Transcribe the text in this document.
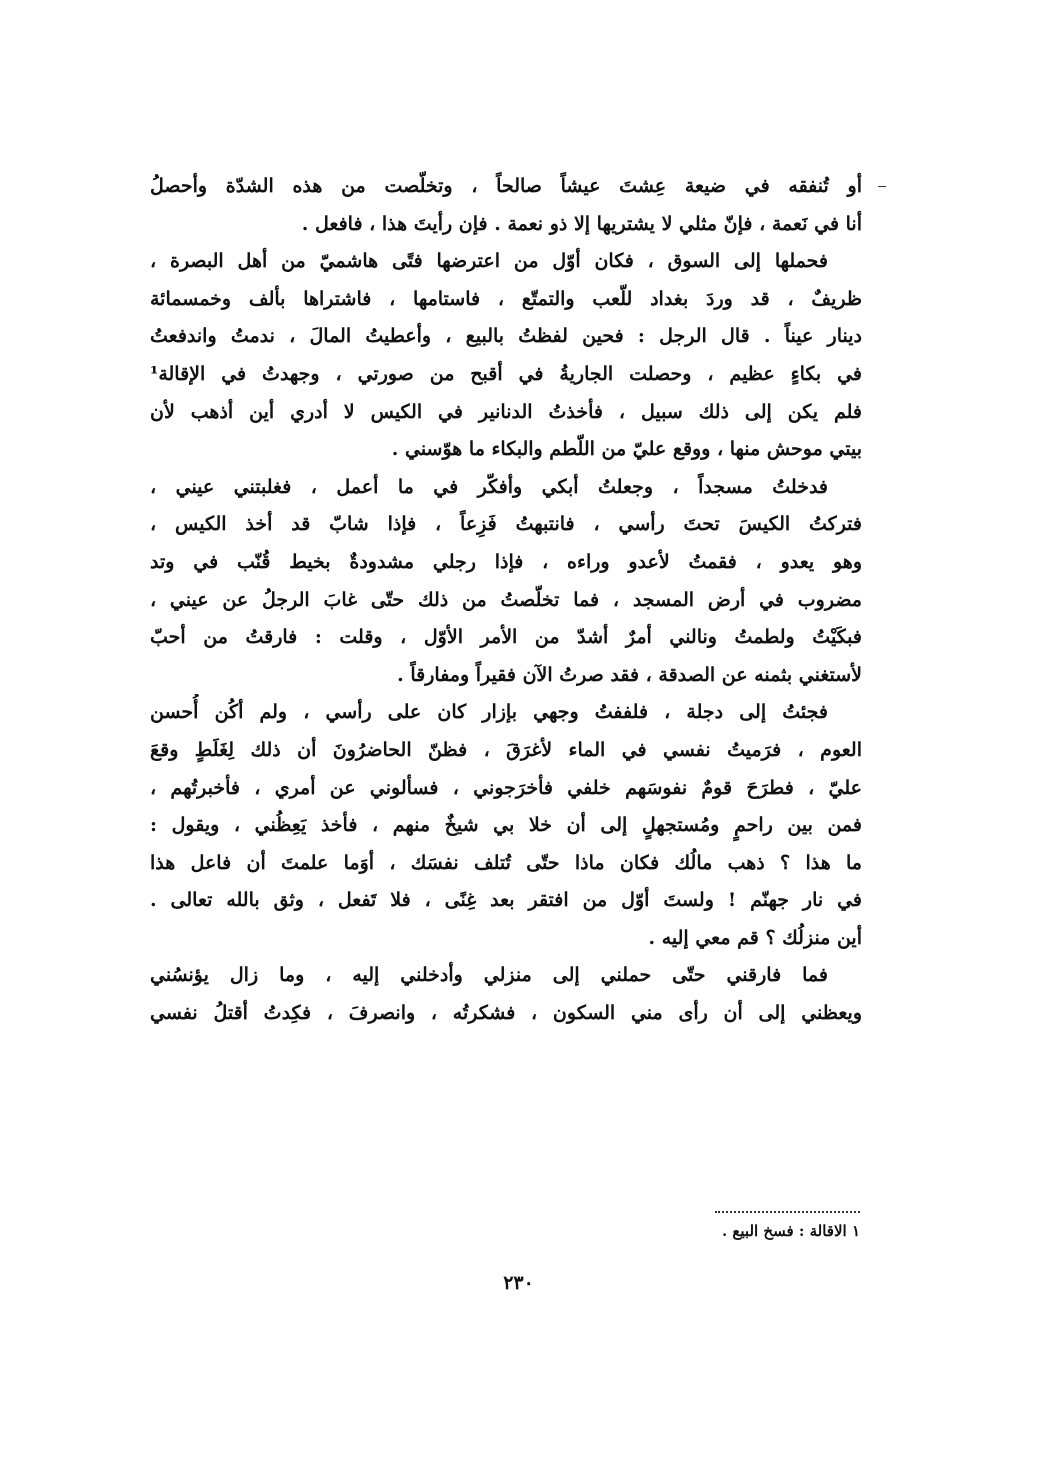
أو تُنفقه في ضيعة عِشتَ عيشاً صالحاً ، وتخلّصت من هذه الشدّة وأحصلُ
أنا في نَعمة ، فإنّ مثلي لا يشتريها إلا ذو نعمة . فإن رأيتَ هذا ، فافعل .
فحملها إلى السوق ، فكان أوّل من اعترضها فتًى هاشميّ من أهل البصرة ،
ظريفٌ ، قد وردَ بغداد للّعب والتمتّع ، فاستامها ، فاشتراها بألف وخمسمائة
دينار عيناً . قال الرجل : فحين لفظتُ بالبيع ، وأعطيتُ المالَ ، ندمتُ واندفعتُ
في بكاءٍ عظيم ، وحصلت الجاريةُ في أقبح من صورتي ، وجهدتُ في الإقالة¹
فلم يكن إلى ذلك سبيل ، فأخذتُ الدنانير في الكيس لا أدري أين أذهب لأن
بيتي موحش منها ، ووقع عليّ من اللّطم والبكاء ما هوّسني .
فدخلتُ مسجداً ، وجعلتُ أبكي وأفكّر في ما أعمل ، فغلبتني عيني ،
فتركتُ الكيسَ تحتَ رأسي ، فانتبهتُ فَزِعاً ، فإذا شابّ قد أخذ الكيس ،
وهو يعدو ، فقمتُ لأعدو وراءه ، فإذا رجلي مشدودةٌ بخيط قُنّب في وتد
مضروب في أرض المسجد ، فما تخلّصتُ من ذلك حتّى غابَ الرجلُ عن عيني ،
فبكَيْتُ ولطمتُ ونالني أمرٌ أشدّ من الأمر الأوّل ، وقلت : فارقتُ من أحبّ
لأستغني بثمنه عن الصدقة ، فقد صرتُ الآن فقيراً ومفارقاً .
فجئتُ إلى دجلة ، فلففتُ وجهي بإزار كان على رأسي ، ولم أكُن أُحسن
العوم ، فرَميتُ نفسي في الماء لأغرَقَ ، فظنّ الحاضرُونَ أن ذلك لِغَلَطٍ وقعَ
عليّ ، فطرَحَ قومٌ نفوسَهم خلفي فأخرَجوني ، فسألوني عن أمري ، فأخبرتُهم ،
فمن بين راحمٍ ومُستجهلٍ إلى أن خلا بي شيخٌ منهم ، فأخذ يَعِظُني ، ويقول :
ما هذا ؟ ذهب مالُك فكان ماذا حتّى تُتلف نفسَك ، أوَما علمتَ أن فاعل هذا
في نار جهنّم ! ولستَ أوّل من افتقر بعد غِنًى ، فلا تَفعل ، وثق بالله تعالى .
أين منزلُك ؟ قم معي إليه .
فما فارقني حتّى حملني إلى منزلي وأدخلني إليه ، وما زال يؤنسُني
ويعظني إلى أن رأى مني السكون ، فشكرتُه ، وانصرفَ ، فكِدتُ أقتلُ نفسي
١ الاقالة : فسخ البيع .
٢٣٠
